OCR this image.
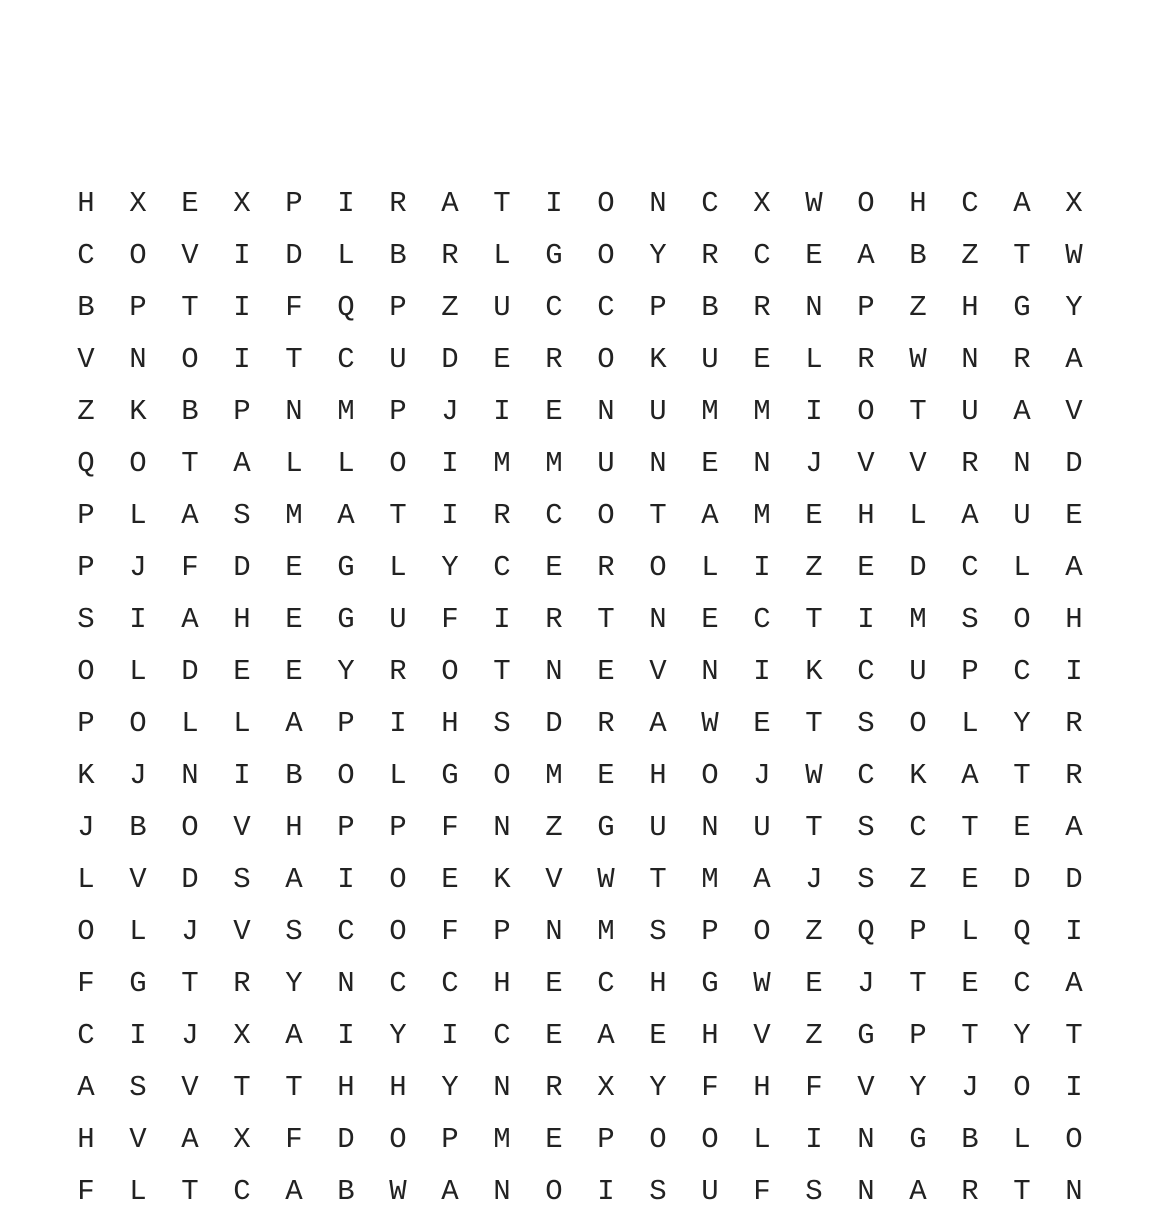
H	X	E	X	P	I	R	A	T	I	O	N	C	X	W	O	H	C	A	X
C	O	V	I	D	L	B	R	L	G	O	Y	R	C	E	A	B	Z	T	W
B	P	T	I	F	Q	P	Z	U	C	C	P	B	R	N	P	Z	H	G	Y
V	N	O	I	T	C	U	D	E	R	O	K	U	E	L	R	W	N	R	A
Z	K	B	P	N	M	P	J	I	E	N	U	M	M	I	O	T	U	A	V
Q	O	T	A	L	L	O	I	M	M	U	N	E	N	J	V	V	R	N	D
P	L	A	S	M	A	T	I	R	C	O	T	A	M	E	H	L	A	U	E
P	J	F	D	E	G	L	Y	C	E	R	O	L	I	Z	E	D	C	L	A
S	I	A	H	E	G	U	F	I	R	T	N	E	C	T	I	M	S	O	H
O	L	D	E	E	Y	R	O	T	N	E	V	N	I	K	C	U	P	C	I
P	O	L	L	A	P	I	H	S	D	R	A	W	E	T	S	O	L	Y	R
K	J	N	I	B	O	L	G	O	M	E	H	O	J	W	C	K	A	T	R
J	B	O	V	H	P	P	F	N	Z	G	U	N	U	T	S	C	T	E	A
L	V	D	S	A	I	O	E	K	V	W	T	M	A	J	S	Z	E	D	D
O	L	J	V	S	C	O	F	P	N	M	S	P	O	Z	Q	P	L	Q	I
F	G	T	R	Y	N	C	C	H	E	C	H	G	W	E	J	T	E	C	A
C	I	J	X	A	I	Y	I	C	E	A	E	H	V	Z	G	P	T	Y	T
A	S	V	T	T	H	H	Y	N	R	X	Y	F	H	F	V	Y	J	O	I
H	V	A	X	F	D	O	P	M	E	P	O	O	L	I	N	G	B	L	O
F	L	T	C	A	B	W	A	N	O	I	S	U	F	S	N	A	R	T	N
